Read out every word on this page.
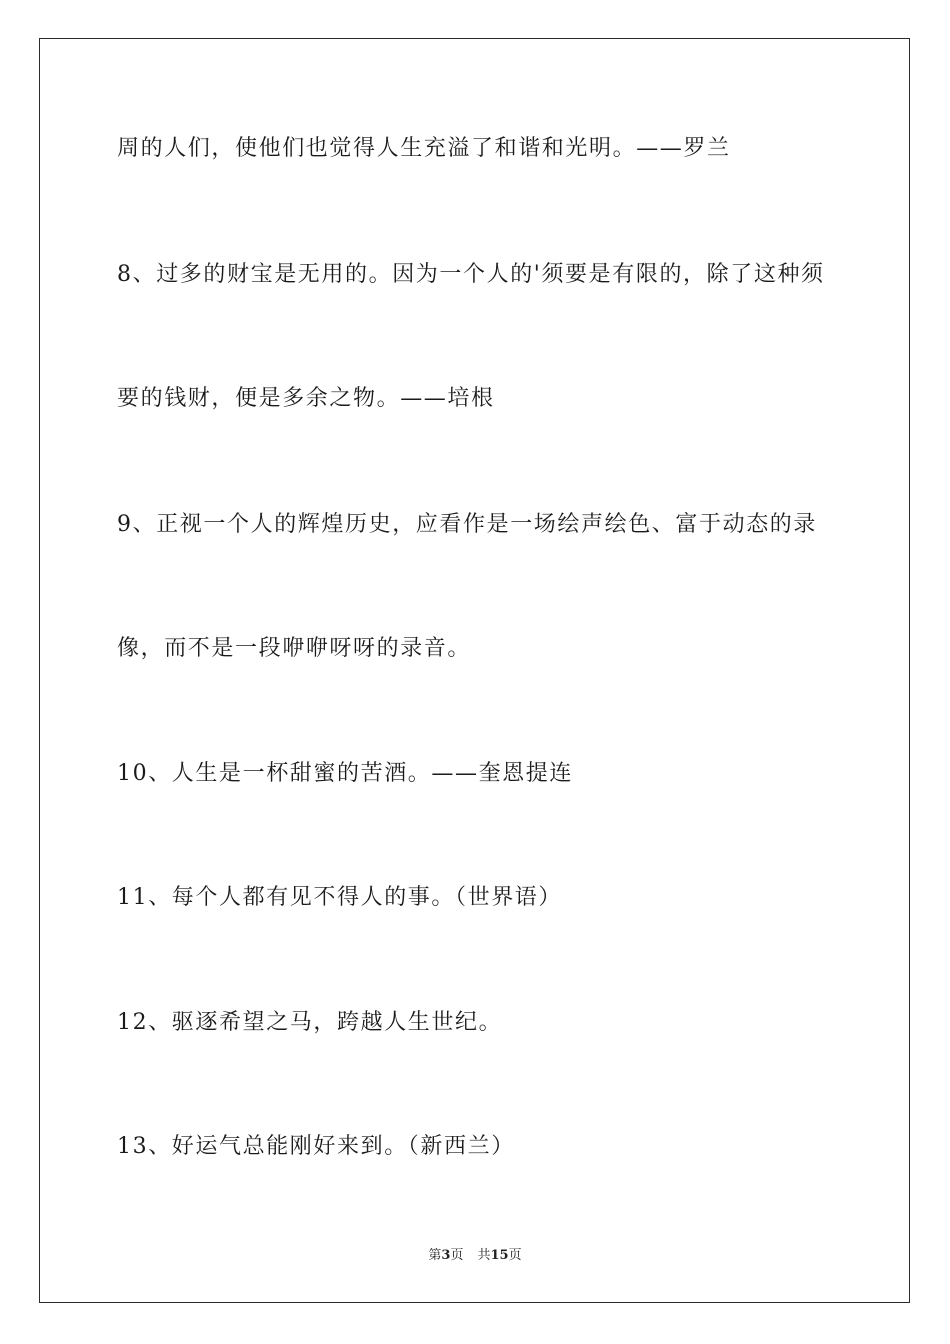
周的人们，使他们也觉得人生充溢了和谐和光明。——罗兰
8、过多的财宝是无用的。因为一个人的'须要是有限的，除了这种须
要的钱财，便是多余之物。——培根
9、正视一个人的辉煌历史，应看作是一场绘声绘色、富于动态的录
像，而不是一段咿咿呀呀的录音。
10、人生是一杯甜蜜的苦酒。——奎恩提连
11、每个人都有见不得人的事。（世界语）
12、驱逐希望之马，跨越人生世纪。
13、好运气总能刚好来到。（新西兰）
第3页 共15页
